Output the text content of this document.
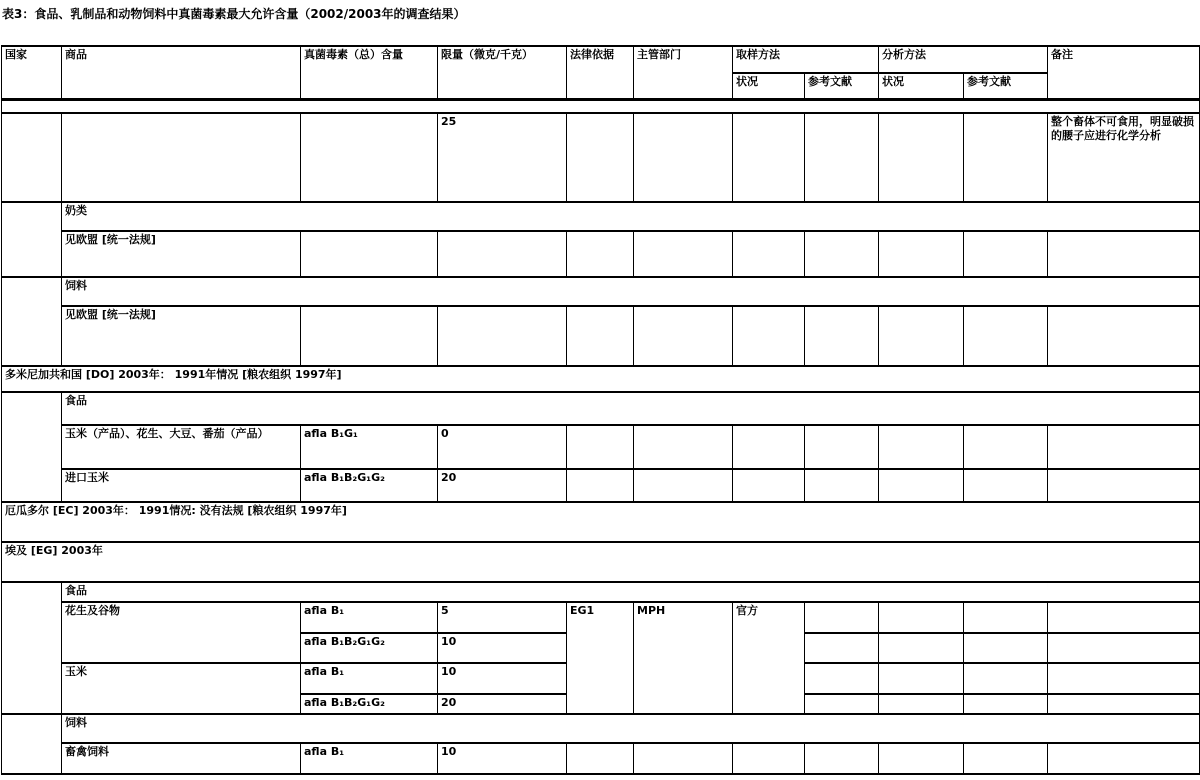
表3：食品、乳制品和动物饲料中真菌毒素最大允许含量（2002/2003年的调查结果）
国家	商品	真菌毒素（总）含量	限量（微克/千克）	法律依据	主管部门	取样方法		分析方法		备注
						状况	参考文献	状况	参考文献	

			25							整个畜体不可食用，明显破损的腰子应进行化学分析
	奶类									
	见欧盟 [统一法规]									
	饲料									
	见欧盟 [统一法规]									
多米尼加共和国 [DO] 2003年： 1991年情况 [粮农组织 1997年]										
	食品									
	玉米（产品）、花生、大豆、番茄（产品）	afla B₁G₁	0							
	进口玉米	afla B₁B₂G₁G₂	20							
厄瓜多尔 [EC] 2003年： 1991情况: 没有法规 [粮农组织 1997年]										
埃及 [EG] 2003年										
	食品									
	花生及谷物	afla B₁	5	EG1	MPH	官方				
		afla B₁B₂G₁G₂	10							
	玉米	afla B₁	10							
		afla B₁B₂G₁G₂	20							
	饲料									
	畜禽饲料	afla B₁	10							
